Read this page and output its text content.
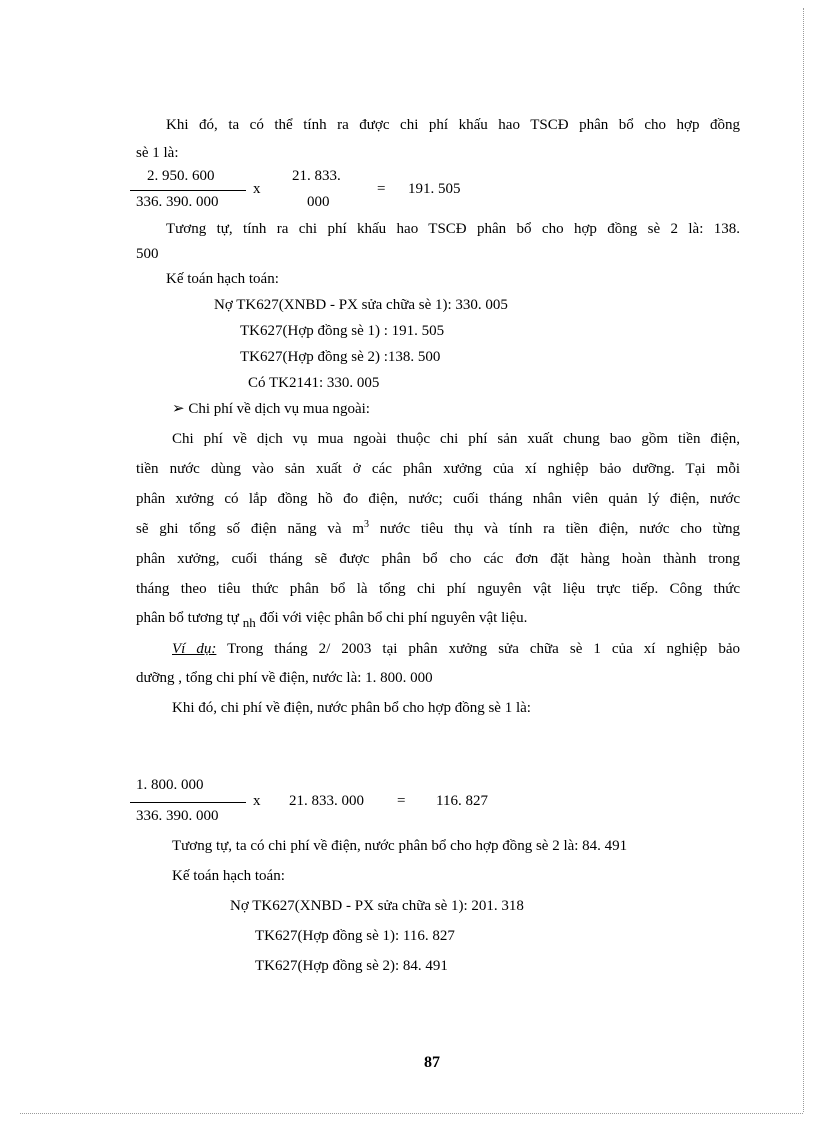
Khi đó, ta có thể tính ra được chi phí khấu hao TSCĐ phân bổ cho hợp đồng
sè 1 là:
2. 950. 600
336. 390. 000
x
21. 833.
000
= 191. 505
Tương tự, tính ra chi phí khấu hao TSCĐ phân bổ cho hợp đồng sè 2 là: 138.
500
Kế toán hạch toán:
Nợ TK627(XNBD - PX sửa chữa sè 1): 330. 005
TK627(Hợp đồng sè 1) : 191. 505
TK627(Hợp đồng sè 2) :138. 500
Có TK2141: 330. 005
➢ Chi phí về dịch vụ mua ngoài:
Chi phí về dịch vụ mua ngoài thuộc chi phí sản xuất chung bao gồm tiền điện,
tiền nước dùng vào sản xuất ở các phân xưởng của xí nghiệp bảo dưỡng. Tại mỗi
phân xưởng có lắp đồng hồ đo điện, nước; cuối tháng nhân viên quản lý điện, nước
sẽ ghi tổng số điện năng và $m^3$ nước tiêu thụ và tính ra tiền điện, nước cho từng
phân xưởng, cuối tháng sẽ được phân bổ cho các đơn đặt hàng hoàn thành trong
tháng theo tiêu thức phân bổ là tổng chi phí nguyên vật liệu trực tiếp. Công thức
phân bổ tương tự nh đối với việc phân bổ chi phí nguyên vật liệu.
Ví dụ: Trong tháng 2/ 2003 tại phân xưởng sửa chữa sè 1 của xí nghiệp bảo
dưỡng , tổng chi phí về điện, nước là: 1. 800. 000
Khi đó, chi phí về điện, nước phân bổ cho hợp đồng sè 1 là:
1. 800. 000
336. 390. 000
x 21. 833. 000 = 116. 827
Tương tự, ta có chi phí về điện, nước phân bổ cho hợp đồng sè 2 là: 84. 491
Kế toán hạch toán:
Nợ TK627(XNBD - PX sửa chữa sè 1): 201. 318
TK627(Hợp đồng sè 1): 116. 827
TK627(Hợp đồng sè 2): 84. 491
87
